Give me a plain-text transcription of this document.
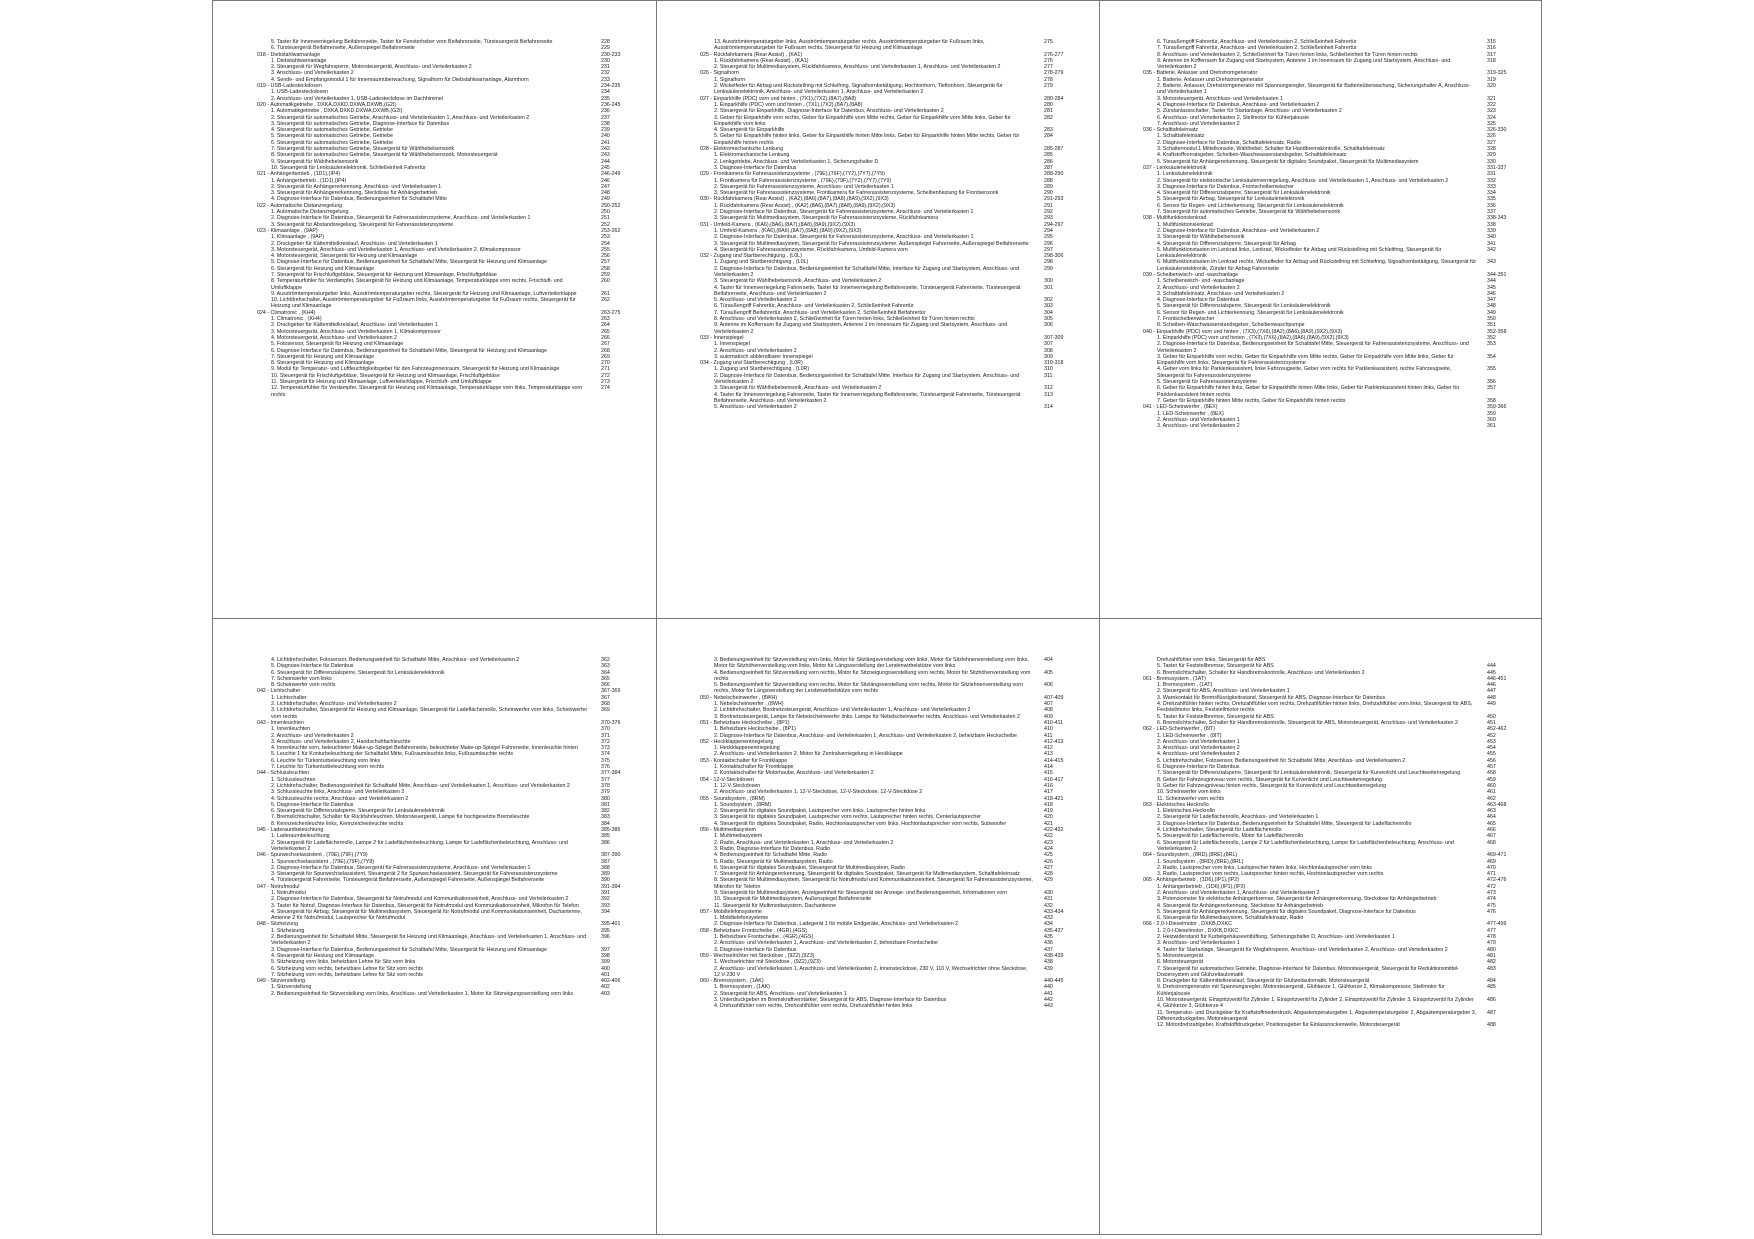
5. Taster für Innenverriegelung Beifahrerseite, Taster für Fensterheber vorn Beifahrerseite, Türsteuergerät Beifahrerseite	228
6. Türsteuergerät Beifahrerseite, Außenspiegel Beifahrerseite	229
018 - Diebstahlwarnanlage	230-233
1. Diebstahlwarnanlage	230
2. Steuergerät für Wegfahrsperre, Motorsteuergerät, Anschluss- und Verteilerkasten 2	231
3. Anschluss- und Verteilerkasten 2	232
4. Sende- und Empfangsmodul 1 für Innenraumüberwachung, Signalhorn für Diebstahlwarnanlage, Alarmhorn	233
019 - USB-Ladesteckdosen	234-235
1. USB-Ladesteckdosen	234
2. Anschluss- und Verteilerkasten 1, USB-Ladesteckdose im Dachhimmel	235
020 - Automatikgetriebe , DXKA,DXKD,DXWA,DXWB,(G2I)	236-245
1. Automatikgetriebe , DXKA,DXKD,DXWA,DXWB,(G2I)	236
2. Steuergerät für automatisches Getriebe, Anschluss- und Verteilerkasten 1, Anschluss- und Verteilerkasten 2	237
3. Steuergerät für automatisches Getriebe, Diagnose-Interface für Datenbus	238
4. Steuergerät für automatisches Getriebe, Getriebe	239
5. Steuergerät für automatisches Getriebe, Getriebe	240
6. Steuergerät für automatisches Getriebe, Getriebe	241
7. Steuergerät für automatisches Getriebe, Steuergerät für Wählhebelsensorik	242
8. Steuergerät für automatisches Getriebe, Steuergerät für Wählhebelsensorik, Motorsteuergerät	243
9. Steuergerät für Wählhebelsensorik	244
10. Steuergerät für Lenksäulenelektronik, Schließeinheit Fahrertür	245
021 - Anhängerbetrieb , (1D1),(IP4)	246-249
1. Anhängerbetrieb , (1D1),(IP4)	246
2. Steuergerät für Anhängererkennung, Anschluss- und Verteilerkasten 1	247
3. Steuergerät für Anhängererkennung, Steckdose für Anhängerbetrieb	248
4. Diagnose-Interface für Datenbus, Bedienungseinheit für Schalttafel Mitte	249
022 - Automatische Distanzregelung	250-252
1. Automatische Distanzregelung	250
2. Diagnose-Interface für Datenbus, Steuergerät für Fahrerassistenzsysteme, Anschluss- und Verteilerkasten 1	251
3. Steuergerät für Abstandsregelung, Steuergerät für Fahrerassistenzsysteme	252
023 - Klimaanlage , (9AP)	253-262
1. Klimaanlage , (9AP)	253
2. Druckgeber für Kältemittelkreislauf, Anschluss- und Verteilerkasten 1	254
3. Motorsteuergerät, Anschluss- und Verteilerkasten 1, Anschluss- und Verteilerkasten 2, Klimakompressor	255
4. Motorsteuergerät, Steuergerät für Heizung und Klimaanlage	256
5. Diagnose-Interface für Datenbus, Bedienungseinheit für Schalttafel Mitte, Steuergerät für Heizung und Klimaanlage	257
6. Steuergerät für Heizung und Klimaanlage	258
7. Steuergerät für Frischluftgebläse, Steuergerät für Heizung und Klimaanlage, Frischluftgebläse	259
8. Temperaturfühler für Verdampfer, Steuergerät für Heizung und Klimaanlage, Temperaturklappe vorn rechts, Frischluft- und Umluftklappe
260
9. Ausströmtemperaturgeber links, Ausströmtemperaturgeber rechts, Steuergerät für Heizung und Klimaanlage, Luftverteilerklappe	261
10. Lichtdrehschalter, Ausströmtemperaturgeber für Fußraum links, Ausströmtemperaturgeber für Fußraum rechts, Steuergerät für Heizung und Klimaanlage
262
024 - Climatronic , (KH4)	263-275
1. Climatronic , (KH4)	263
2. Druckgeber für Kältemittelkreislauf, Anschluss- und Verteilerkasten 1	264
3. Motorsteuergerät, Anschluss- und Verteilerkasten 1, Klimakompressor	265
4. Motorsteuergerät, Anschluss- und Verteilerkasten 2	266
5. Fotosensor, Steuergerät für Heizung und Klimaanlage	267
6. Diagnose-Interface für Datenbus, Bedienungseinheit für Schalttafel Mitte, Steuergerät für Heizung und Klimaanlage	268
7. Steuergerät für Heizung und Klimaanlage	269
8. Steuergerät für Heizung und Klimaanlage	270
9. Modul für Temperatur- und Luftfeuchtigkeitsgeber für den Fahrzeuginnenraum, Steuergerät für Heizung und Klimaanlage	271
10. Steuergerät für Frischluftgebläse, Steuergerät für Heizung und Klimaanlage, Frischluftgebläse	272
11. Steuergerät für Heizung und Klimaanlage, Luftverteilerklappe, Frischluft- und Umluftklappe	273
12. Temperaturfühler für Verdampfer, Steuergerät für Heizung und Klimaanlage, Temperaturklappe vorn links, Temperaturklappe vorn rechts
274
13. Ausströmtemperaturgeber links, Ausströmtemperaturgeber rechts, Ausströmtemperaturgeber für Fußraum links, Ausströmtemperaturgeber für Fußraum rechts, Steuergerät für Heizung und Klimaanlage
275
025 - Rückfahrkamera (Rear Assist) , (KA1)	276-277
1. Rückfahrkamera (Rear Assist) , (KA1)	276
2. Steuergerät für Multimediasystem, Rückfahrkamera, Anschluss- und Verteilerkasten 1, Anschluss- und Verteilerkasten 2	277
026 - Signalhorn	278-279
1. Signalhorn	278
2. Wickelfeder für Airbag und Rückstellring mit Schleifring, Signalhornbetätigung, Hochtonhorn, Tieftonhorn, Steuergerät für Lenksäulenelektronik, Anschluss- und Verteilerkasten 1, Anschluss- und Verteilerkasten 2
279
027 - Einparkhilfe (PDC) vorn und hinten , (7X1),(7X2),(8A7),(8A8)	280-284
1. Einparkhilfe (PDC) vorn und hinten , (7X1),(7X2),(8A7),(8A8)	280
2. Steuergerät für Einparkhilfe, Diagnose-Interface für Datenbus, Anschluss- und Verteilerkasten 2	281
3. Geber für Einparkhilfe vorn rechts, Geber für Einparkhilfe vorn Mitte rechts, Geber für Einparkhilfe vorn Mitte links, Geber für Einparkhilfe vorn links
282
4. Steuergerät für Einparkhilfe	283
5. Geber für Einparkhilfe hinten links, Geber für Einparkhilfe hinten Mitte links, Geber für Einparkhilfe hinten Mitte rechts, Geber für Einparkhilfe hinten rechts
284
028 - Elektromechanische Lenkung	285-287
1. Elektromechanische Lenkung	285
2. Lenkgetriebe, Anschluss- und Verteilerkasten 1, Sicherungshalter D	286
3. Diagnose-Interface für Datenbus	287
029 - Frontkamera für Fahrerassistenzsysteme , (79E),(79F),(7Y2),(7Y7),(7Y9)	288-290
1. Frontkamera für Fahrerassistenzsysteme , (79E),(79F),(7Y2),(7Y7),(7Y9)	288
2. Steuergerät für Fahrerassistenzsysteme, Anschluss- und Verteilerkasten 1	289
3. Steuergerät für Fahrerassistenzsysteme, Frontkamera für Fahrerassistenzsysteme, Scheibenheizung für Frontsensorik	290
030 - Rückfahrkamera (Rear Assist) , (KA2),(8A6),(8A7),(8A8),(8A9),(9X2),(9X3)	291-293
1. Rückfahrkamera (Rear Assist) , (KA2),(8A6),(8A7),(8A8),(8A9),(9X2),(9X3)	291
2. Diagnose-Interface für Datenbus, Steuergerät für Fahrerassistenzsysteme, Anschluss- und Verteilerkasten 1	292
3. Steuergerät für Multimediasystem, Steuergerät für Fahrerassistenzsysteme, Rückfahrkamera	293
031 - Umfeld-Kamera , (KA6),(8A6),(8A7),(8A8),(8A9),(9X2),(9X3)	294-297
1. Umfeld-Kamera , (KA6),(8A6),(8A7),(8A8),(8A9),(9X2),(9X3)	294
2. Diagnose-Interface für Datenbus, Steuergerät für Fahrerassistenzsysteme, Anschluss- und Verteilerkasten 1	295
3. Steuergerät für Multimediasystem, Steuergerät für Fahrerassistenzsysteme, Außenspiegel Fahrerseite, Außenspiegel Beifahrerseite	296
4. Steuergerät für Fahrerassistenzsysteme, Rückfahrkamera, Umfeld-Kamera vorn	297
032 - Zugang und Startberechtigung , (L0L)	298-306
1. Zugang und Startberechtigung , (L0L)	298
2. Diagnose-Interface für Datenbus, Bedienungseinheit für Schalttafel Mitte, Interface für Zugang und Startsystem, Anschluss- und Verteilerkasten 2
299
3. Steuergerät für Wählhebelsensorik, Anschluss- und Verteilerkasten 2	300
4. Taster für Innenverriegelung Fahrerseite, Taster für Innenverriegelung Beifahrerseite, Türsteuergerät Fahrerseite, Türsteuergerät Beifahrerseite, Anschluss- und Verteilerkasten 2
301
5. Anschluss- und Verteilerkasten 2	302
6. Türaußengriff Fahrertür, Anschluss- und Verteilerkasten 2, Schließeinheit Fahrertür	303
7. Türaußengriff Beifahrertür, Anschluss- und Verteilerkasten 2, Schließeinheit Beifahrertür	304
8. Anschluss- und Verteilerkasten 2, Schließeinheit für Türen hinten links, Schließeinheit für Türen hinten rechts	305
9. Antenne im Kofferraum für Zugang und Startsystem, Antenne 1 im Innenraum für Zugang und Startsystem, Anschluss- und Verteilerkasten 2
306
033 - Innenspiegel	307-309
1. Innenspiegel	307
2. Anschluss- und Verteilerkasten 2	308
3. automatisch abblendbarer Innenspiegel	309
034 - Zugang und Startberechtigung , (L0R)	310-318
1. Zugang und Startberechtigung , (L0R)	310
2. Diagnose-Interface für Datenbus, Bedienungseinheit für Schalttafel Mitte, Interface für Zugang und Startsystem, Anschluss- und Verteilerkasten 2
311
3. Steuergerät für Wählhebelsensorik, Anschluss- und Verteilerkasten 2	312
4. Taster für Innenverriegelung Fahrerseite, Taster für Innenverriegelung Beifahrerseite, Türsteuergerät Fahrerseite, Türsteuergerät Beifahrerseite, Anschluss- und Verteilerkasten 2
313
5. Anschluss- und Verteilerkasten 2	314
6. Türaußengriff Fahrertür, Anschluss- und Verteilerkasten 2, Schließeinheit Fahrertür	315
7. Türaußengriff Fahrertür, Anschluss- und Verteilerkasten 2, Schließeinheit Fahrertür	316
8. Anschluss- und Verteilerkasten 2, Schließeinheit für Türen hinten links, Schließeinheit für Türen hinten rechts	317
9. Antenne im Kofferraum für Zugang und Startsystem, Antenne 1 im Innenraum für Zugang und Startsystem, Anschluss- und Verteilerkasten 2
318
035 - Batterie, Anlasser und Drehstromgenerator	319-325
1. Batterie, Anlasser und Drehstromgenerator	319
2. Batterie, Anlasser, Drehstromgenerator mit Spannungsregler, Steuergerät für Batterieüberwachung, Sicherungshalter A, Anschluss- und Verteilerkasten 1
320
3. Motorsteuergerät, Anschluss- und Verteilerkasten 1	321
4. Diagnose-Interface für Datenbus, Anschluss- und Verteilerkasten 2	322
5. Zündanlassschalter, Taster für Startanlage, Anschluss- und Verteilerkasten 2	323
6. Anschluss- und Verteilerkasten 2, Stellmotor für Kühlerjalousie	324
7. Anschluss- und Verteilerkasten 2	325
036 - Schalttafeleinsatz	326-330
1. Schalttafeleinsatz	326
2. Diagnose-Interface für Datenbus, Schalttafeleinsatz, Radio	327
3. Schaltermodul 1 Mittelkonsole, Wählhebel, Schalter für Handbremskontrolle, Schalttafeleinsatz	328
4. Kraftstoffvorratsgeber, Scheiben-Waschwasserstandsgeber, Schalttafeleinsatz	329
5. Steuergerät für Anhängererkennung, Steuergerät für digitales Soundpaket, Steuergerät für Multimediasystem	330
037 - Lenksäulenelektronik	331-337
1. Lenksäulenelektronik	331
2. Steuergerät für elektronische Lenksäulenverriegelung, Anschluss- und Verteilerkasten 1, Anschluss- und Verteilerkasten 2	332
3. Diagnose-Interface für Datenbus, Frontscheibenwischer	333
4. Steuergerät für Differenzialsperre, Steuergerät für Lenksäulenelektronik	334
5. Steuergerät für Airbag, Steuergerät für Lenksäulenelektronik	335
6. Sensor für Regen- und Lichterkennung, Steuergerät für Lenksäulenelektronik	336
7. Steuergerät für automatisches Getriebe, Steuergerät für Wählhebelsensorik	337
038 - Multifunktionslenkrad	338-343
1. Multifunktionslenkrad	338
2. Diagnose-Interface für Datenbus, Anschluss- und Verteilerkasten 2	339
3. Steuergerät für Wählhebelsensorik	340
4. Steuergerät für Differenzialsperre, Steuergerät für Airbag	341
5. Multifunktionstasten im Lenkrad links, Lenkrad, Wickelfeder für Airbag und Rückstellring mit Schleifring, Steuergerät für Lenksäulenelektronik
342
6. Multifunktionstasten im Lenkrad rechts, Wickelfeder für Airbag und Rückstellring mit Schleifring, Signalhornbetätigung, Steuergerät für Lenksäulenelektronik, Zünder für Airbag Fahrerseite
343
039 - Scheibenwisch- und -waschanlage	344-351
1. Scheibenwisch- und -waschanlage	344
2. Anschluss- und Verteilerkasten 2	345
3. Schalttafeleinsatz, Anschluss- und Verteilerkasten 2	346
4. Diagnose-Interface für Datenbus	347
5. Steuergerät für Differenzialsperre, Steuergerät für Lenksäulenelektronik	348
6. Sensor für Regen- und Lichterkennung, Steuergerät für Lenksäulenelektronik	349
7. Frontscheibenwischer	350
8. Scheiben-Waschwasserstandsgeber, Scheibenwaschpumpe	351
040 - Einparkhilfe (PDC) vorn und hinten , (7X3),(7X6),(8A2),(8A6),(8A9),(9X2),(9X3)	352-358
1. Einparkhilfe (PDC) vorn und hinten , (7X3),(7X6),(8A2),(8A6),(8A9),(9X2),(9X3)	352
2. Diagnose-Interface für Datenbus, Bedienungseinheit für Schalttafel Mitte, Steuergerät für Fahrerassistenzsysteme, Anschluss- und Verteilerkasten 2
353
3. Geber für Einparkhilfe vorn rechts, Geber für Einparkhilfe vorn Mitte rechts, Geber für Einparkhilfe vorn Mitte links, Geber für Einparkhilfe vorn links, Steuergerät für Fahrerassistenzsysteme
354
4. Geber vorn links für Parklenkassistent, linke Fahrzeugseite, Geber vorn rechts für Parklenkassistent, rechte Fahrzeugseite, Steuergerät für Fahrerassistenzsysteme
355
5. Steuergerät für Fahrerassistenzsysteme	356
6. Geber für Einparkhilfe hinten links, Geber für Einparkhilfe hinten Mitte links, Geber für Parklenkassistent hinten links, Geber für Parklenkassistent hinten rechts
357
7. Geber für Einparkhilfe hinten Mitte rechts, Geber für Einparkhilfe hinten rechts	358
041 - LED-Scheinwerfer , (8EX)	359-366
1. LED-Scheinwerfer , (8EX)	359
2. Anschluss- und Verteilerkasten 1	360
3. Anschluss- und Verteilerkasten 2	361
4. Lichtdrehschalter, Fotosensor, Bedienungseinheit für Schalttafel Mitte, Anschluss- und Verteilerkasten 2	362
5. Diagnose-Interface für Datenbus	363
6. Steuergerät für Differenzialsperre, Steuergerät für Lenksäulenelektronik	364
7. Scheinwerfer vorn links	365
8. Scheinwerfer vorn rechts	366
042 - Lichtschalter	367-369
1. Lichtschalter	367
2. Lichtdrehschalter, Anschluss- und Verteilerkasten 2	368
3. Lichtdrehschalter, Steuergerät für Heizung und Klimaanlage, Steuergerät für Ladeflächenrollo, Scheinwerfer vorn links, Scheinwerfer vorn rechts
369
043 - Innenleuchten	370-376
1. Innenleuchten	370
2. Anschluss- und Verteilerkasten 2	371
3. Anschluss- und Verteilerkasten 2, Handschuhfachleuchte	372
4. Innenleuchte vorn, beleuchteter Make-up-Spiegel Beifahrerseite, beleuchteter Make-up-Spiegel Fahrerseite, Innenleuchte hinten	373
5. Leuchte 1 für Konturbeleuchtung der Schalttafel Mitte, Fußraumleuchte links, Fußraumleuchte rechts	374
6. Leuchte für Türkonturbeleuchtung vorn links	375
7. Leuchte für Türkonturbeleuchtung vorn rechts	376
044 - Schlussleuchten	377-384
1. Schlussleuchten	377
2. Lichtdrehschalter, Bedienungseinheit für Schalttafel Mitte, Anschluss- und Verteilerkasten 1, Anschluss- und Verteilerkasten 2	378
3. Schlussleuchte links, Anschluss- und Verteilerkasten 2	379
4. Schlussleuchte rechts, Anschluss- und Verteilerkasten 2	380
5. Diagnose-Interface für Datenbus	381
6. Steuergerät für Differenzialsperre, Steuergerät für Lenksäulenelektronik	382
7. Bremslichtschalter, Schalter für Rückfahrleuchten, Motorsteuergerät, Lampe für hochgesetzte Bremsleuchte	383
8. Kennzeichenleuchte links, Kennzeichenleuchte rechts	384
045 - Laderaumbeleuchtung	385-386
1. Laderaumbeleuchtung	385
2. Steuergerät für Ladeflächenrollo, Lampe 2 für Ladeflächenbeleuchtung, Lampe für Ladeflächenbeleuchtung, Anschluss- und Verteilerkasten 2
386
046 - Spurwechselassistent , (79E),(79F),(7Y9)	387-390
1. Spurwechselassistent , (79E),(79F),(7Y9)	387
2. Diagnose-Interface für Datenbus, Steuergerät für Fahrerassistenzsysteme, Anschluss- und Verteilerkasten 1	388
3. Steuergerät für Spurwechselassistent, Steuergerät 2 für Spurwechselassistent, Steuergerät für Fahrerassistenzsysteme	389
4. Türsteuergerät Fahrerseite, Türsteuergerät Beifahrerseite, Außenspiegel Fahrerseite, Außenspiegel Beifahrerseite	390
047 - Notrufmodul	391-394
1. Notrufmodul	391
2. Diagnose-Interface für Datenbus, Steuergerät für Notrufmodul und Kommunikationseinheit, Anschluss- und Verteilerkasten 2	392
3. Taster für Notruf, Diagnose-Interface für Datenbus, Steuergerät für Notrufmodul und Kommunikationseinheit, Mikrofon für Telefon	393
4. Steuergerät für Airbag, Steuergerät für Multimediasystem, Steuergerät für Notrufmodul und Kommunikationseinheit, Dachantenne, Antenne 2 für Notrufmodul, Lautsprecher für Notrufmodul
394
048 - Sitzheizung	395-401
1. Sitzheizung	395
2. Bedienungseinheit für Schalttafel Mitte, Steuergerät für Heizung und Klimaanlage, Anschluss- und Verteilerkasten 1, Anschluss- und Verteilerkasten 2
396
3. Diagnose-Interface für Datenbus, Bedienungseinheit für Schalttafel Mitte, Steuergerät für Heizung und Klimaanlage	397
4. Steuergerät für Heizung und Klimaanlage	398
5. Sitzheizung vorn links, beheizbare Lehne für Sitz vorn links	399
6. Sitzheizung vorn rechts, beheizbare Lehne für Sitz vorn rechts	400
7. Sitzheizung vorn rechts, beheizbare Lehne für Sitz vorn rechts	401
049 - Sitzverstellung	402-406
1. Sitzverstellung	402
2. Bedienungseinheit für Sitzverstellung vorn links, Anschluss- und Verteilerkasten 1, Motor für Sitzneigungsverstellung vorn links	403
3. Bedienungseinheit für Sitzverstellung vorn links, Motor für Sitzlängsverstellung vorn links, Motor für Sitzlehnenverstellung vorn links, Motor für Sitzhöhenverstellung vorn links, Motor für Längsverstellung der Lendenwirbelstütze vorn links
404
4. Bedienungseinheit für Sitzverstellung vorn rechts, Motor für Sitzneigungsverstellung vorn rechts, Motor für Sitzhöhenverstellung vorn rechts
405
5. Bedienungseinheit für Sitzverstellung vorn rechts, Motor für Sitzlängsverstellung vorn rechts, Motor für Sitzlehnenverstellung vorn rechts, Motor für Längsverstellung der Lendenwirbelstütze vorn rechts
406
050 - Nebelscheinwerfer , (8WH)	407-409
1. Nebelscheinwerfer , (8WH)	407
2. Lichtdrehschalter, Bordnetzsteuergerät, Anschluss- und Verteilerkasten 1, Anschluss- und Verteilerkasten 2	408
3. Bordnetzsteuergerät, Lampe für Nebelscheinwerfer links, Lampe für Nebelscheinwerfer rechts, Anschluss- und Verteilerkasten 2	409
051 - Beheizbare Heckscheibe , (8P1)	410-411
1. Beheizbare Heckscheibe , (8P1)	410
2. Diagnose-Interface für Datenbus, Anschluss- und Verteilerkasten 1, Anschluss- und Verteilerkasten 2, beheizbare Heckscheibe	411
052 - Heckklappenentriegelung	412-413
1. Heckklappenentriegelung	412
2. Anschluss- und Verteilerkasten 2, Motor für Zentralverriegelung in Heckklappe	413
053 - Kontaktschalter für Frontklappe	414-415
1. Kontaktschalter für Frontklappe	414
2. Kontaktschalter für Motorhaube, Anschluss- und Verteilerkasten 2	415
054 - 12-V-Steckdosen	416-417
1. 12-V-Steckdosen	416
2. Anschluss- und Verteilerkasten 1, 12-V-Steckdose, 12-V-Steckdose, 12-V-Steckdose 2	417
055 - Soundsystem , (8RM)	418-421
1. Soundsystem , (8RM)	418
2. Steuergerät für digitales Soundpaket, Lautsprecher vorn links, Lautsprecher hinten links	419
3. Steuergerät für digitales Soundpaket, Lautsprecher vorn rechts, Lautsprecher hinten rechts, Centerlautsprecher	420
4. Steuergerät für digitales Soundpaket, Radio, Hochtonlautsprecher vorn links, Hochtonlautsprecher vorn rechts, Subwoofer	421
056 - Multimediasystem	422-432
1. Multimediasystem	422
2. Radio, Anschluss- und Verteilerkasten 1, Anschluss- und Verteilerkasten 2	423
3. Radio, Diagnose-Interface für Datenbus, Radio	424
4. Bedienungseinheit für Schalttafel Mitte, Radio	425
5. Radio, Steuergerät für Multimediasystem, Radio	426
6. Steuergerät für digitales Soundpaket, Steuergerät für Multimediasystem, Radio	427
7. Steuergerät für Anhängererkennung, Steuergerät für digitales Soundpaket, Steuergerät für Multimediasystem, Schalttafeleinsatz	428
8. Steuergerät für Multimediasystem, Steuergerät für Notrufmodul und Kommunikationseinheit, Steuergerät für Fahrerassistenzsysteme, Mikrofon für Telefon
429
9. Steuergerät für Multimediasystem, Anzeigeeinheit für Steuergerät der Anzeige- und Bedienungseinheit, Informationen vorn	430
10. Steuergerät für Multimediasystem, Außenspiegel Beifahrerseite	431
11. Steuergerät für Multimediasystem, Dachantenne	432
057 - Mobiltelefonsysteme	433-434
1. Mobiltelefonsysteme	433
2. Diagnose-Interface für Datenbus, Ladegerät 1 für mobile Endgeräte, Anschluss- und Verteilerkasten 2	434
058 - Beheizbare Frontscheibe , (4GR),(4GS)	435-437
1. Beheizbare Frontscheibe , (4GR),(4GS)	435
2. Anschluss- und Verteilerkasten 1, Anschluss- und Verteilerkasten 2, beheizbare Frontscheibe	436
3. Diagnose-Interface für Datenbus	437
059 - Wechselrichter mit Steckdose , (9Z2),(9Z3)	438-439
1. Wechselrichter mit Steckdose , (9Z2),(9Z3)	438
2. Anschluss- und Verteilerkasten 1, Anschluss- und Verteilerkasten 2, Innensteckdose, 230 V, 110 V, Wechselrichter ohne Steckdose, 12 V-230 V
439
060 - Bremssystem , (1AK)	440-445
1. Bremssystem , (1AK)	440
2. Steuergerät für ABS, Anschluss- und Verteilerkasten 1	441
3. Unterdruckgeber im Bremskraftverstärker, Steuergerät für ABS, Diagnose-Interface für Datenbus	442
4. Drehzahlfühler vorn rechts, Drehzahlfühler vorn rechts, Drehzahlfühler hinten links	443
Drehzahlfühler vorn links, Steuergerät für ABS
5. Taster für Feststellbremse, Steuergerät für ABS	444
6. Bremslichtschalter, Schalter für Handbremskontrolle, Anschluss- und Verteilerkasten 2	445
061 - Bremssystem , (1AT)	446-451
1. Bremssystem , (1AT)	446
2. Steuergerät für ABS, Anschluss- und Verteilerkasten 1	447
3. Warnkontakt für Bremsflüssigkeitsstand, Steuergerät für ABS, Diagnose-Interface für Datenbus	448
4. Drehzahlfühler hinten rechts, Drehzahlfühler vorn rechts, Drehzahlfühler hinten links, Drehzahlfühler vorn links, Steuergerät für ABS, Feststellmotor links, Feststellmotor rechts
449
5. Taster für Feststellbremse, Steuergerät für ABS	450
6. Bremslichtschalter, Schalter für Handbremskontrolle, Steuergerät für ABS, Motorsteuergerät, Anschluss- und Verteilerkasten 2	451
062 - LED-Scheinwerfer , (8IT)	452-462
1. LED-Scheinwerfer , (8IT)	452
2. Anschluss- und Verteilerkasten 1	453
3. Anschluss- und Verteilerkasten 2	454
4. Anschluss- und Verteilerkasten 2	455
5. Lichtdrehschalter, Fotosensor, Bedienungseinheit für Schalttafel Mitte, Anschluss- und Verteilerkasten 2	456
6. Diagnose-Interface für Datenbus	457
7. Steuergerät für Differenzialsperre, Steuergerät für Lenksäulenelektronik, Steuergerät für Kurvenlicht und Leuchtweitenregelung	458
8. Geber für Fahrzeugniveau vorn rechts, Steuergerät für Kurvenlicht und Leuchtweitenregelung	459
9. Geber für Fahrzeugniveau hinten rechts, Steuergerät für Kurvenlicht und Leuchtweitenregelung	460
10. Scheinwerfer vorn links	461
11. Scheinwerfer vorn rechts	462
063 - Elektrisches Heckrollo	463-468
1. Elektrisches Heckrollo	463
2. Steuergerät für Ladeflächenrollo, Anschluss- und Verteilerkasten 1	464
3. Diagnose-Interface für Datenbus, Bedienungseinheit für Schalttafel Mitte, Steuergerät für Ladeflächenrollo	465
4. Lichtdrehschalter, Steuergerät für Ladeflächenrollo	466
5. Steuergerät für Ladeflächenrollo, Motor für Ladeflächenrollo	467
6. Steuergerät für Ladeflächenrollo, Lampe 2 für Ladeflächenbeleuchtung, Lampe für Ladeflächenbeleuchtung, Anschluss- und Verteilerkasten 2
468
064 - Soundsystem , (8RD),(8RE),(8RL)	469-471
1. Soundsystem , (8RD),(8RE),(8RL)	469
2. Radio, Lautsprecher vorn links, Lautsprecher hinten links, Hochtonlautsprecher vorn links	470
3. Radio, Lautsprecher vorn rechts, Lautsprecher hinten rechts, Hochtonlautsprecher vorn rechts	471
065 - Anhängerbetrieb , (1D6),(IP1),(IP2)	472-476
1. Anhängerbetrieb , (1D6),(IP1),(IP2)	472
2. Anschluss- und Verteilerkasten 1, Anschluss- und Verteilerkasten 2	473
3. Potenziometer für elektrische Anhängerbremse, Steuergerät für Anhängererkennung, Steckdose für Anhängerbetrieb	474
4. Steuergerät für Anhängererkennung, Steckdose für Anhängerbetrieb	475
5. Steuergerät für Anhängererkennung, Steuergerät für digitales Soundpaket, Diagnose-Interface für Datenbus	476
6. Steuergerät für Multimediasystem, Schalttafeleinsatz, Radio
066 - 2,0-l-Dieselmotor , DXKB,DXKC	477-499
1. 2,0-l-Dieselmotor , DXKB,DXKC	477
2. Heizwiderstand für Kurbelgehäuseentlüftung, Sicherungshalter D, Anschluss- und Verteilerkasten 1	478
3. Anschluss- und Verteilerkasten 1	479
4. Taster für Startanlage, Steuergerät für Wegfahrsperre, Anschluss- und Verteilerkasten 2, Anschluss- und Verteilerkasten 2	480
5. Motorsteuergerät	481
6. Motorsteuergerät	482
7. Steuergerät für automatisches Getriebe, Diagnose-Interface für Datenbus, Motorsteuergerät, Steuergerät für Reduktionsmittel-Dosiersystem und Glühzeitautomatik
483
8. Druckgeber für Kältemittelkreislauf, Steuergerät für Glühzeitautomatik, Motorsteuergerät	484
9. Drehstromgenerator mit Spannungsregler, Motorsteuergerät, Glühkerze 1, Glühkerze 2, Klimakompressor, Stellmotor für Kühlerjalousie
485
10. Motorsteuergerät, Einspritzventil für Zylinder 1, Einspritzventil für Zylinder 2, Einspritzventil für Zylinder 3, Einspritzventil für Zylinder 4, Glühkerze 3, Glühkerze 4
486
11. Temperatur- und Druckgeber für Kraftstoffniederdruck, Abgastemperaturgeber 1, Abgastemperaturgeber 2, Abgastemperaturgeber 3, Differenzdruckgeber, Motorsteuergerät
487
12. Motordrehzahlgeber, Kraftstoffdruckgeber, Positionsgeber für Einlassnockenwelle, Motorsteuergerät	488
